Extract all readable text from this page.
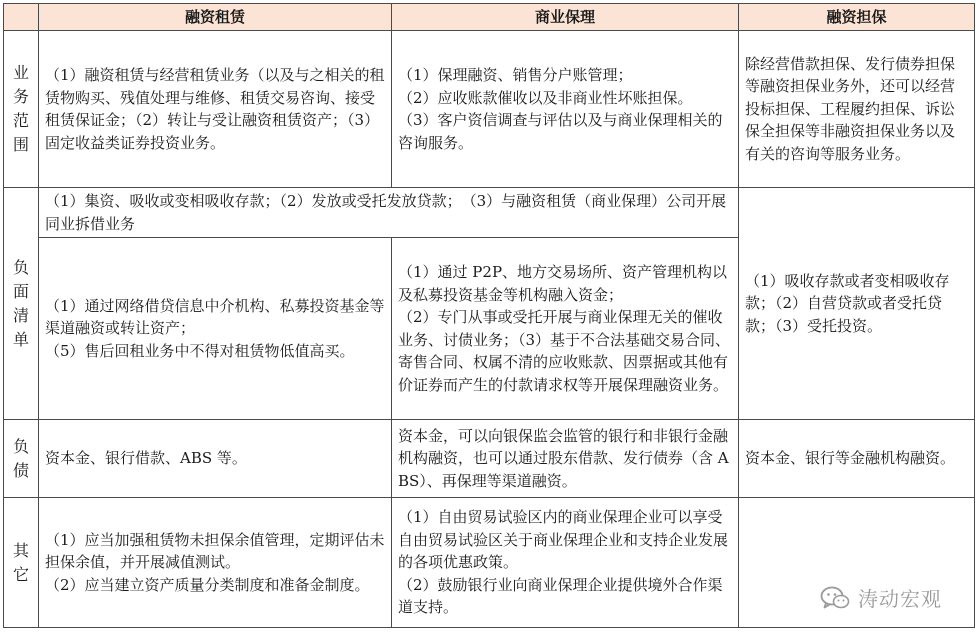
	融资租赁	商业保理	融资担保
业务范围	（1）融资租赁与经营租赁业务（以及与之相关的租赁物购买、残值处理与维修、租赁交易咨询、接受租赁保证金；（2）转让与受让融资租赁资产；（3）固定收益类证券投资业务。	（1）保理融资、销售分户账管理；
（2）应收账款催收以及非商业性坏账担保。
（3）客户资信调查与评估以及与商业保理相关的咨询服务。	除经营借款担保、发行债券担保等融资担保业务外，还可以经营投标担保、工程履约担保、诉讼保全担保等非融资担保业务以及有关的咨询等服务业务。

负面清单	（1）集资、吸收或变相吸收存款；（2）发放或受托发放贷款；　（3）与融资租赁（商业保理）公司开展同业拆借业务		（1）吸收存款或者变相吸收存款；（2）自营贷款或者受托贷款；（3）受托投资。

	（1）通过网络借贷信息中介机构、私募投资基金等渠道融资或转让资产；
（5）售后回租业务中不得对租赁物低值高买。	（1）通过 P2P、地方交易场所、资产管理机构以及私募投资基金等机构融入资金；
（2）专门从事或受托开展与商业保理无关的催收业务、讨债业务；（3）基于不合法基础交易合同、寄售合同、权属不清的应收账款、因票据或其他有价证券而产生的付款请求权等开展保理融资业务。	

负债	资本金、银行借款、ABS 等。	资本金，可以向银保监会监管的银行和非银行金融机构融资，也可以通过股东借款、发行债券（含 ABS）、再保理等渠道融资。	资本金、银行等金融机构融资。

其它	（1）应当加强租赁物未担保余值管理，定期评估未担保余值，并开展减值测试。
（2）应当建立资产质量分类制度和准备金制度。	（1）自由贸易试验区内的商业保理企业可以享受自由贸易试验区关于商业保理企业和支持企业发展的各项优惠政策。
（2）鼓励银行业向商业保理企业提供境外合作渠道支持。	
		涛动宏观
